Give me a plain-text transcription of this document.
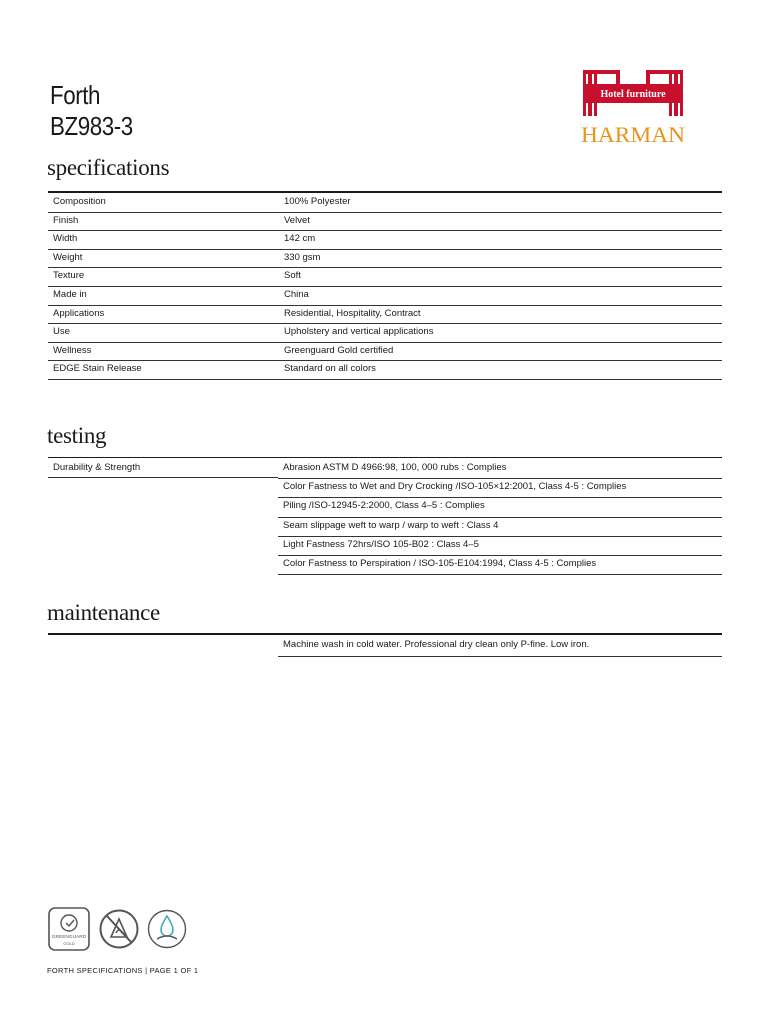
Forth
BZ983-3
Hotel furniture
HARMAN
specifications
Composition	100% Polyester
Finish	Velvet
Width	142 cm
Weight	330 gsm
Texture	Soft
Made in	China
Applications	Residential, Hospitality, Contract
Use	Upholstery and vertical applications
Wellness	Greenguard Gold certified
EDGE Stain Release	Standard on all colors
testing
Durability & Strength	Abrasion ASTM D 4966:98, 100, 000 rubs : Complies
Color Fastness to Wet and Dry Crocking /ISO-105×12:2001, Class 4-5 : Complies
Piling /ISO-12945-2:2000, Class 4–5 : Complies
Seam slippage weft to warp / warp to weft : Class 4
Light Fastness 72hrs/ISO 105-B02 : Class 4–5
Color Fastness to Perspiration / ISO-105-E104:1994, Class 4-5 : Complies
maintenance
Machine wash in cold water. Professional dry clean only P-fine. Low iron.
GREENGUARD
GOLD
FORTH SPECIFICATIONS | PAGE 1 OF 1
